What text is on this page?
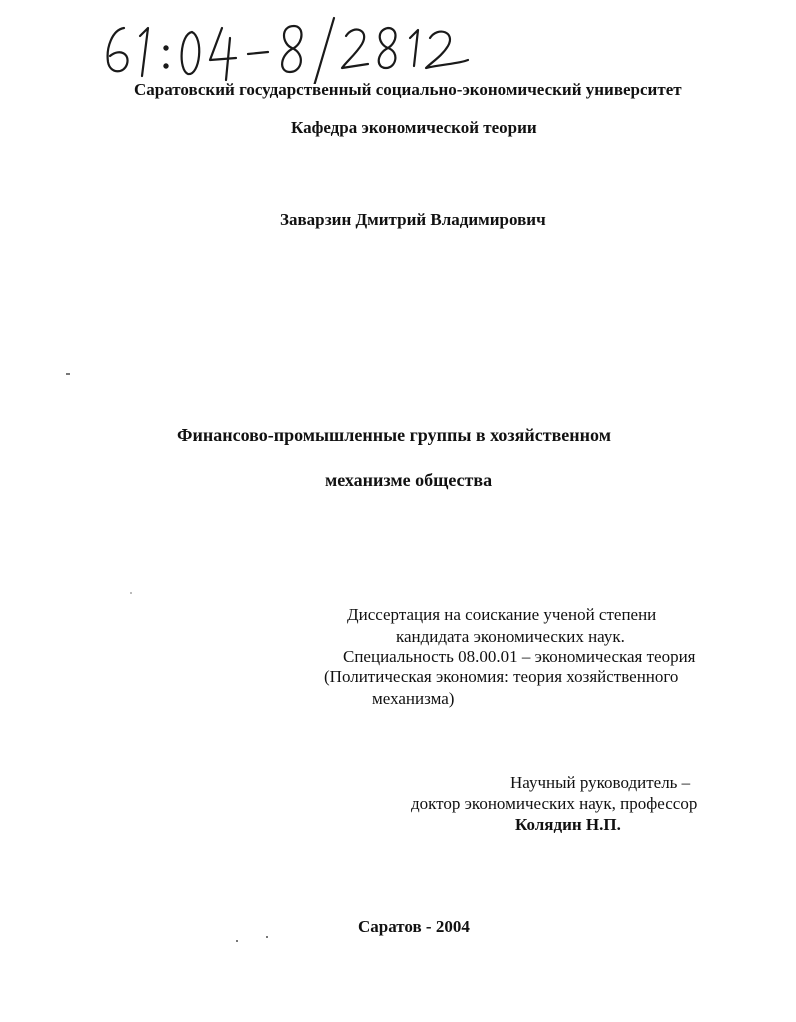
Саратовский государственный социально-экономический университет
Кафедра экономической теории
Заварзин Дмитрий Владимирович
Финансово-промышленные группы в хозяйственном
механизме общества
Диссертация на соискание ученой степени
кандидата экономических наук.
Специальность 08.00.01 – экономическая теория
(Политическая экономия: теория хозяйственного
механизма)
Научный руководитель –
доктор экономических наук, профессор
Колядин Н.П.
Саратов - 2004
